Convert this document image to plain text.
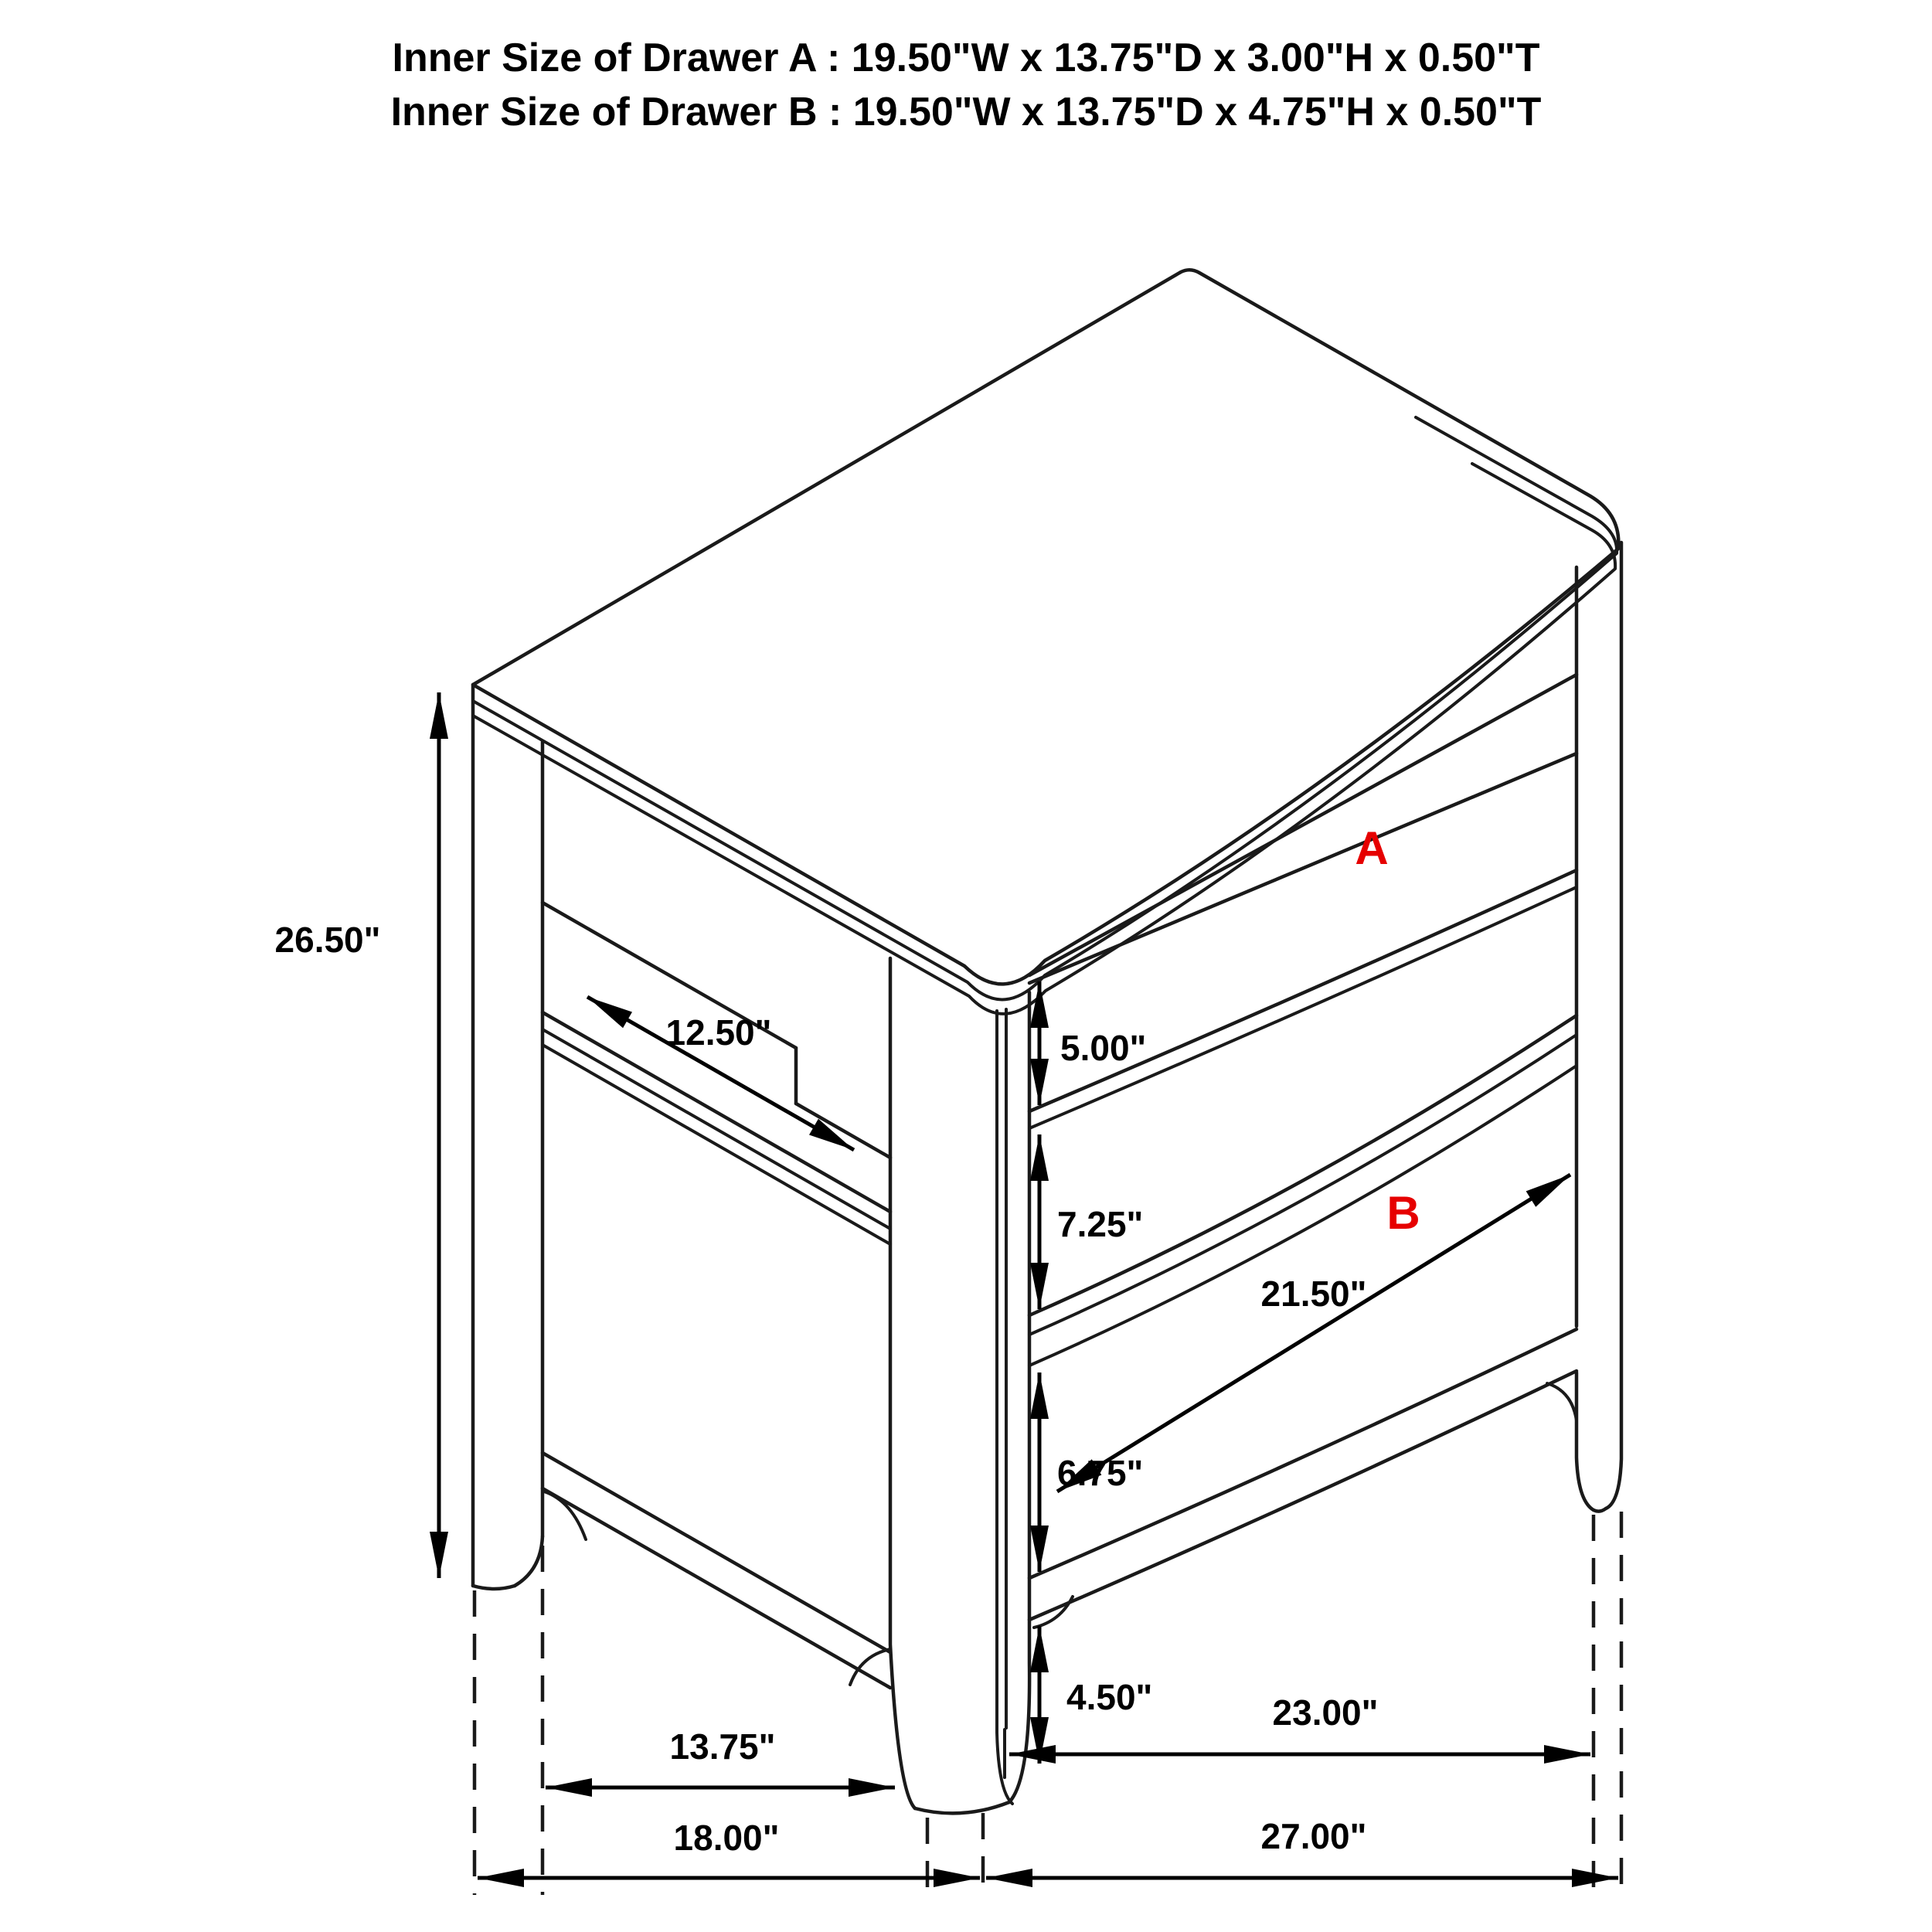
Inner Size of Drawer A : 19.50"W x 13.75"D x 3.00"H x 0.50"T
Inner Size of Drawer B : 19.50"W x 13.75"D x 4.75"H x 0.50"T
26.50"
12.50"	5.00"
7.25"
21.50"
6.75"
4.50"
13.75"
18.00"
23.00"
27.00"
A
B
